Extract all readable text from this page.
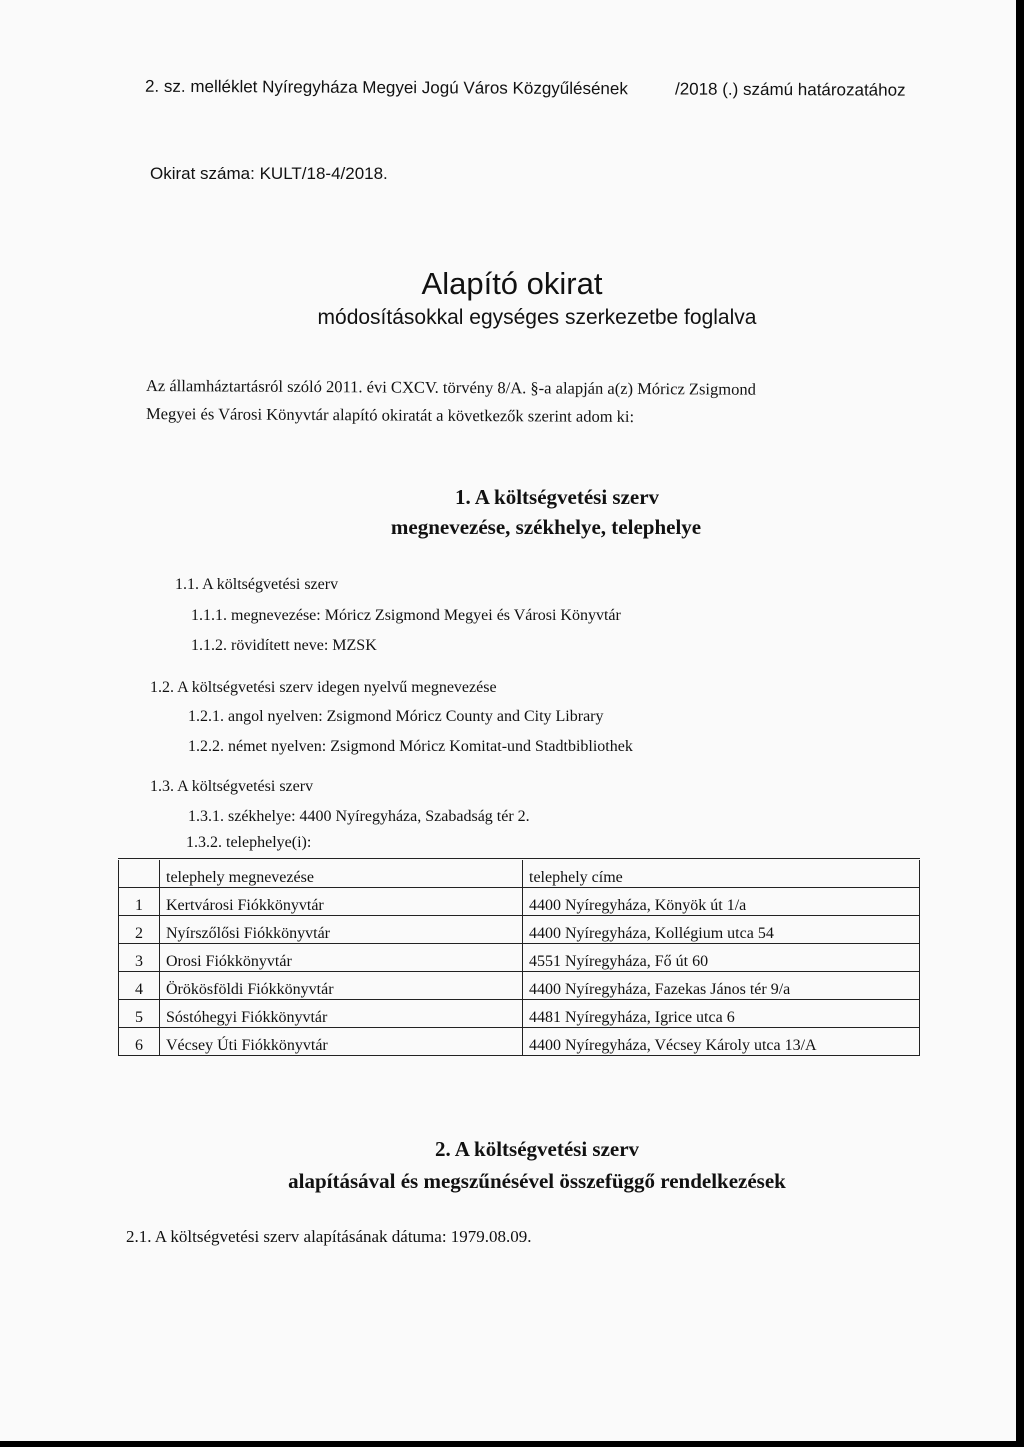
2. sz. melléklet Nyíregyháza Megyei Jogú Város Közgyűlésének	/2018 (.) számú határozatához
Okirat száma: KULT/18-4/2018.
Alapító okirat
módosításokkal egységes szerkezetbe foglalva
Az államháztartásról szóló 2011. évi CXCV. törvény 8/A. §-a alapján a(z) Móricz Zsigmond
Megyei és Városi Könyvtár alapító okiratát a következők szerint adom ki:
1. A költségvetési szerv
megnevezése, székhelye, telephelye
1.1. A költségvetési szerv
1.1.1. megnevezése: Móricz Zsigmond Megyei és Városi Könyvtár
1.1.2. rövidített neve: MZSK
1.2. A költségvetési szerv idegen nyelvű megnevezése
1.2.1. angol nyelven: Zsigmond Móricz County and City Library
1.2.2. német nyelven: Zsigmond Móricz Komitat-und Stadtbibliothek
1.3. A költségvetési szerv
1.3.1. székhelye: 4400 Nyíregyháza, Szabadság tér 2.
1.3.2. telephelye(i):
	telephely megnevezése	telephely címe
1	Kertvárosi Fiókkönyvtár	4400 Nyíregyháza, Könyök út 1/a
2	Nyírszőlősi Fiókkönyvtár	4400 Nyíregyháza, Kollégium utca 54
3	Orosi Fiókkönyvtár	4551 Nyíregyháza, Fő út 60
4	Örökösföldi Fiókkönyvtár	4400 Nyíregyháza, Fazekas János tér 9/a
5	Sóstóhegyi Fiókkönyvtár	4481 Nyíregyháza, Igrice utca 6
6	Vécsey Úti Fiókkönyvtár	4400 Nyíregyháza, Vécsey Károly utca 13/A
2. A költségvetési szerv
alapításával és megszűnésével összefüggő rendelkezések
2.1. A költségvetési szerv alapításának dátuma: 1979.08.09.
